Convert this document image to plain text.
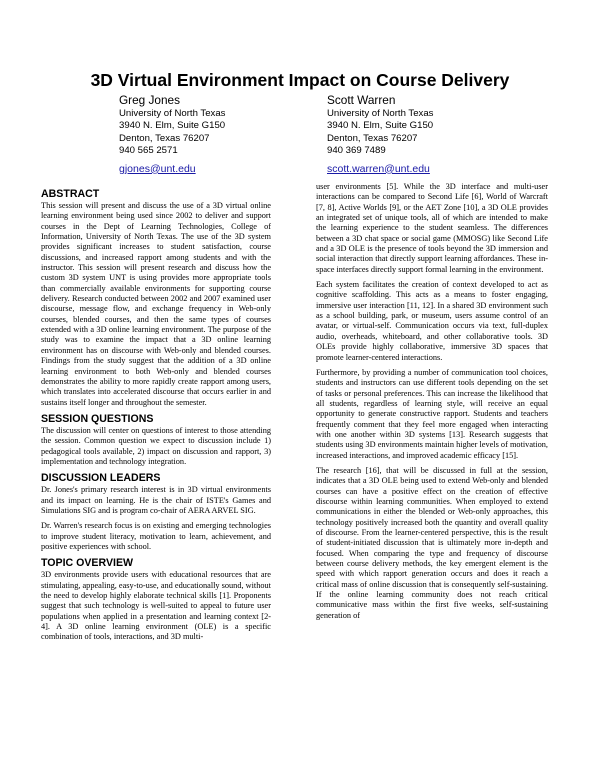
3D Virtual Environment Impact on Course Delivery
Greg Jones
University of North Texas
3940 N. Elm, Suite G150
Denton, Texas 76207
940 565 2571
gjones@unt.edu
Scott Warren
University of North Texas
3940 N. Elm, Suite G150
Denton, Texas 76207
940 369 7489
scott.warren@unt.edu
ABSTRACT

This session will present and discuss the use of a 3D virtual online learning environment being used since 2002 to deliver and support courses in the Dept of Learning Technologies, College of Information, University of North Texas. The use of the 3D system provides significant increases to student satisfaction, course discussions, and increased rapport among students and with the instructor. This session will present research and discuss how the custom 3D system UNT is using provides more appropriate tools than commercially available environments for supporting course delivery. Research conducted between 2002 and 2007 examined user discourse, message flow, and exchange frequency in Web-only courses, blended courses, and then the same types of courses extended with a 3D online learning environment. The purpose of the study was to examine the impact that a 3D online learning environment has on discourse with Web-only and blended courses. Findings from the study suggest that the addition of a 3D online learning environment to both Web-only and blended courses demonstrates the ability to more rapidly create rapport among users, which translates into accelerated discourse that occurs earlier in and sustains itself longer and throughout the semester.

SESSION QUESTIONS

The discussion will center on questions of interest to those attending the session. Common question we expect to discussion include 1) pedagogical tools available, 2) impact on discussion and rapport, 3) implementation and technology integration.

DISCUSSION LEADERS

Dr. Jones's primary research interest is in 3D virtual environments and its impact on learning. He is the chair of ISTE's Games and Simulations SIG and is program co-chair of AERA ARVEL SIG.

Dr. Warren's research focus is on existing and emerging technologies to improve student literacy, motivation to learn, achievement, and positive experiences with school.

TOPIC OVERVIEW

3D environments provide users with educational resources that are stimulating, appealing, easy-to-use, and educationally sound, without the need to develop highly elaborate technical skills [1]. Proponents suggest that such technology is well-suited to appeal to future user populations when applied in a presentation and learning context [2-4]. A 3D online learning environment (OLE) is a specific combination of tools, interactions, and 3D multi-

user environments [5]. While the 3D interface and multi-user interactions can be compared to Second Life [6], World of Warcraft [7, 8], Active Worlds [9], or the AET Zone [10], a 3D OLE provides an integrated set of unique tools, all of which are intended to make the learning experience to the student seamless. The differences between a 3D chat space or social game (MMOSG) like Second Life and a 3D OLE is the presence of tools beyond the 3D immersion and social interaction that directly support learning affordances. These in-space interfaces directly support formal learning in the environment.

Each system facilitates the creation of context developed to act as cognitive scaffolding. This acts as a means to foster engaging, immersive user interaction [11, 12]. In a shared 3D environment such as a school building, park, or museum, users assume control of an avatar, or virtual-self. Communication occurs via text, full-duplex audio, overheads, whiteboard, and other collaborative tools. 3D OLEs provide highly collaborative, immersive 3D spaces that promote learner-centered interactions.

Furthermore, by providing a number of communication tool choices, students and instructors can use different tools depending on the set of tasks or personal preferences. This can increase the likelihood that all students, regardless of learning style, will receive an equal opportunity to generate constructive rapport. Students and teachers frequently comment that they feel more engaged when interacting with one another within 3D systems [13]. Research suggests that students using 3D environments maintain higher levels of motivation, increased interactions, and improved academic efficacy [15].

The research [16], that will be discussed in full at the session, indicates that a 3D OLE being used to extend Web-only and blended courses can have a positive effect on the creation of effective discourse within learning communities. When employed to extend communications in either the blended or Web-only approaches, this technology positively increased both the quantity and overall quality of discourse. From the learner-centered perspective, this is the result of student-initiated discussion that is ultimately more in-depth and focused. When comparing the type and frequency of discourse between course delivery methods, the key emergent element is the speed with which rapport generation occurs and does it reach a critical mass of online discussion that is consequently self-sustaining. If the online learning community does not reach critical communicative mass within the first five weeks, self-sustaining generation of
